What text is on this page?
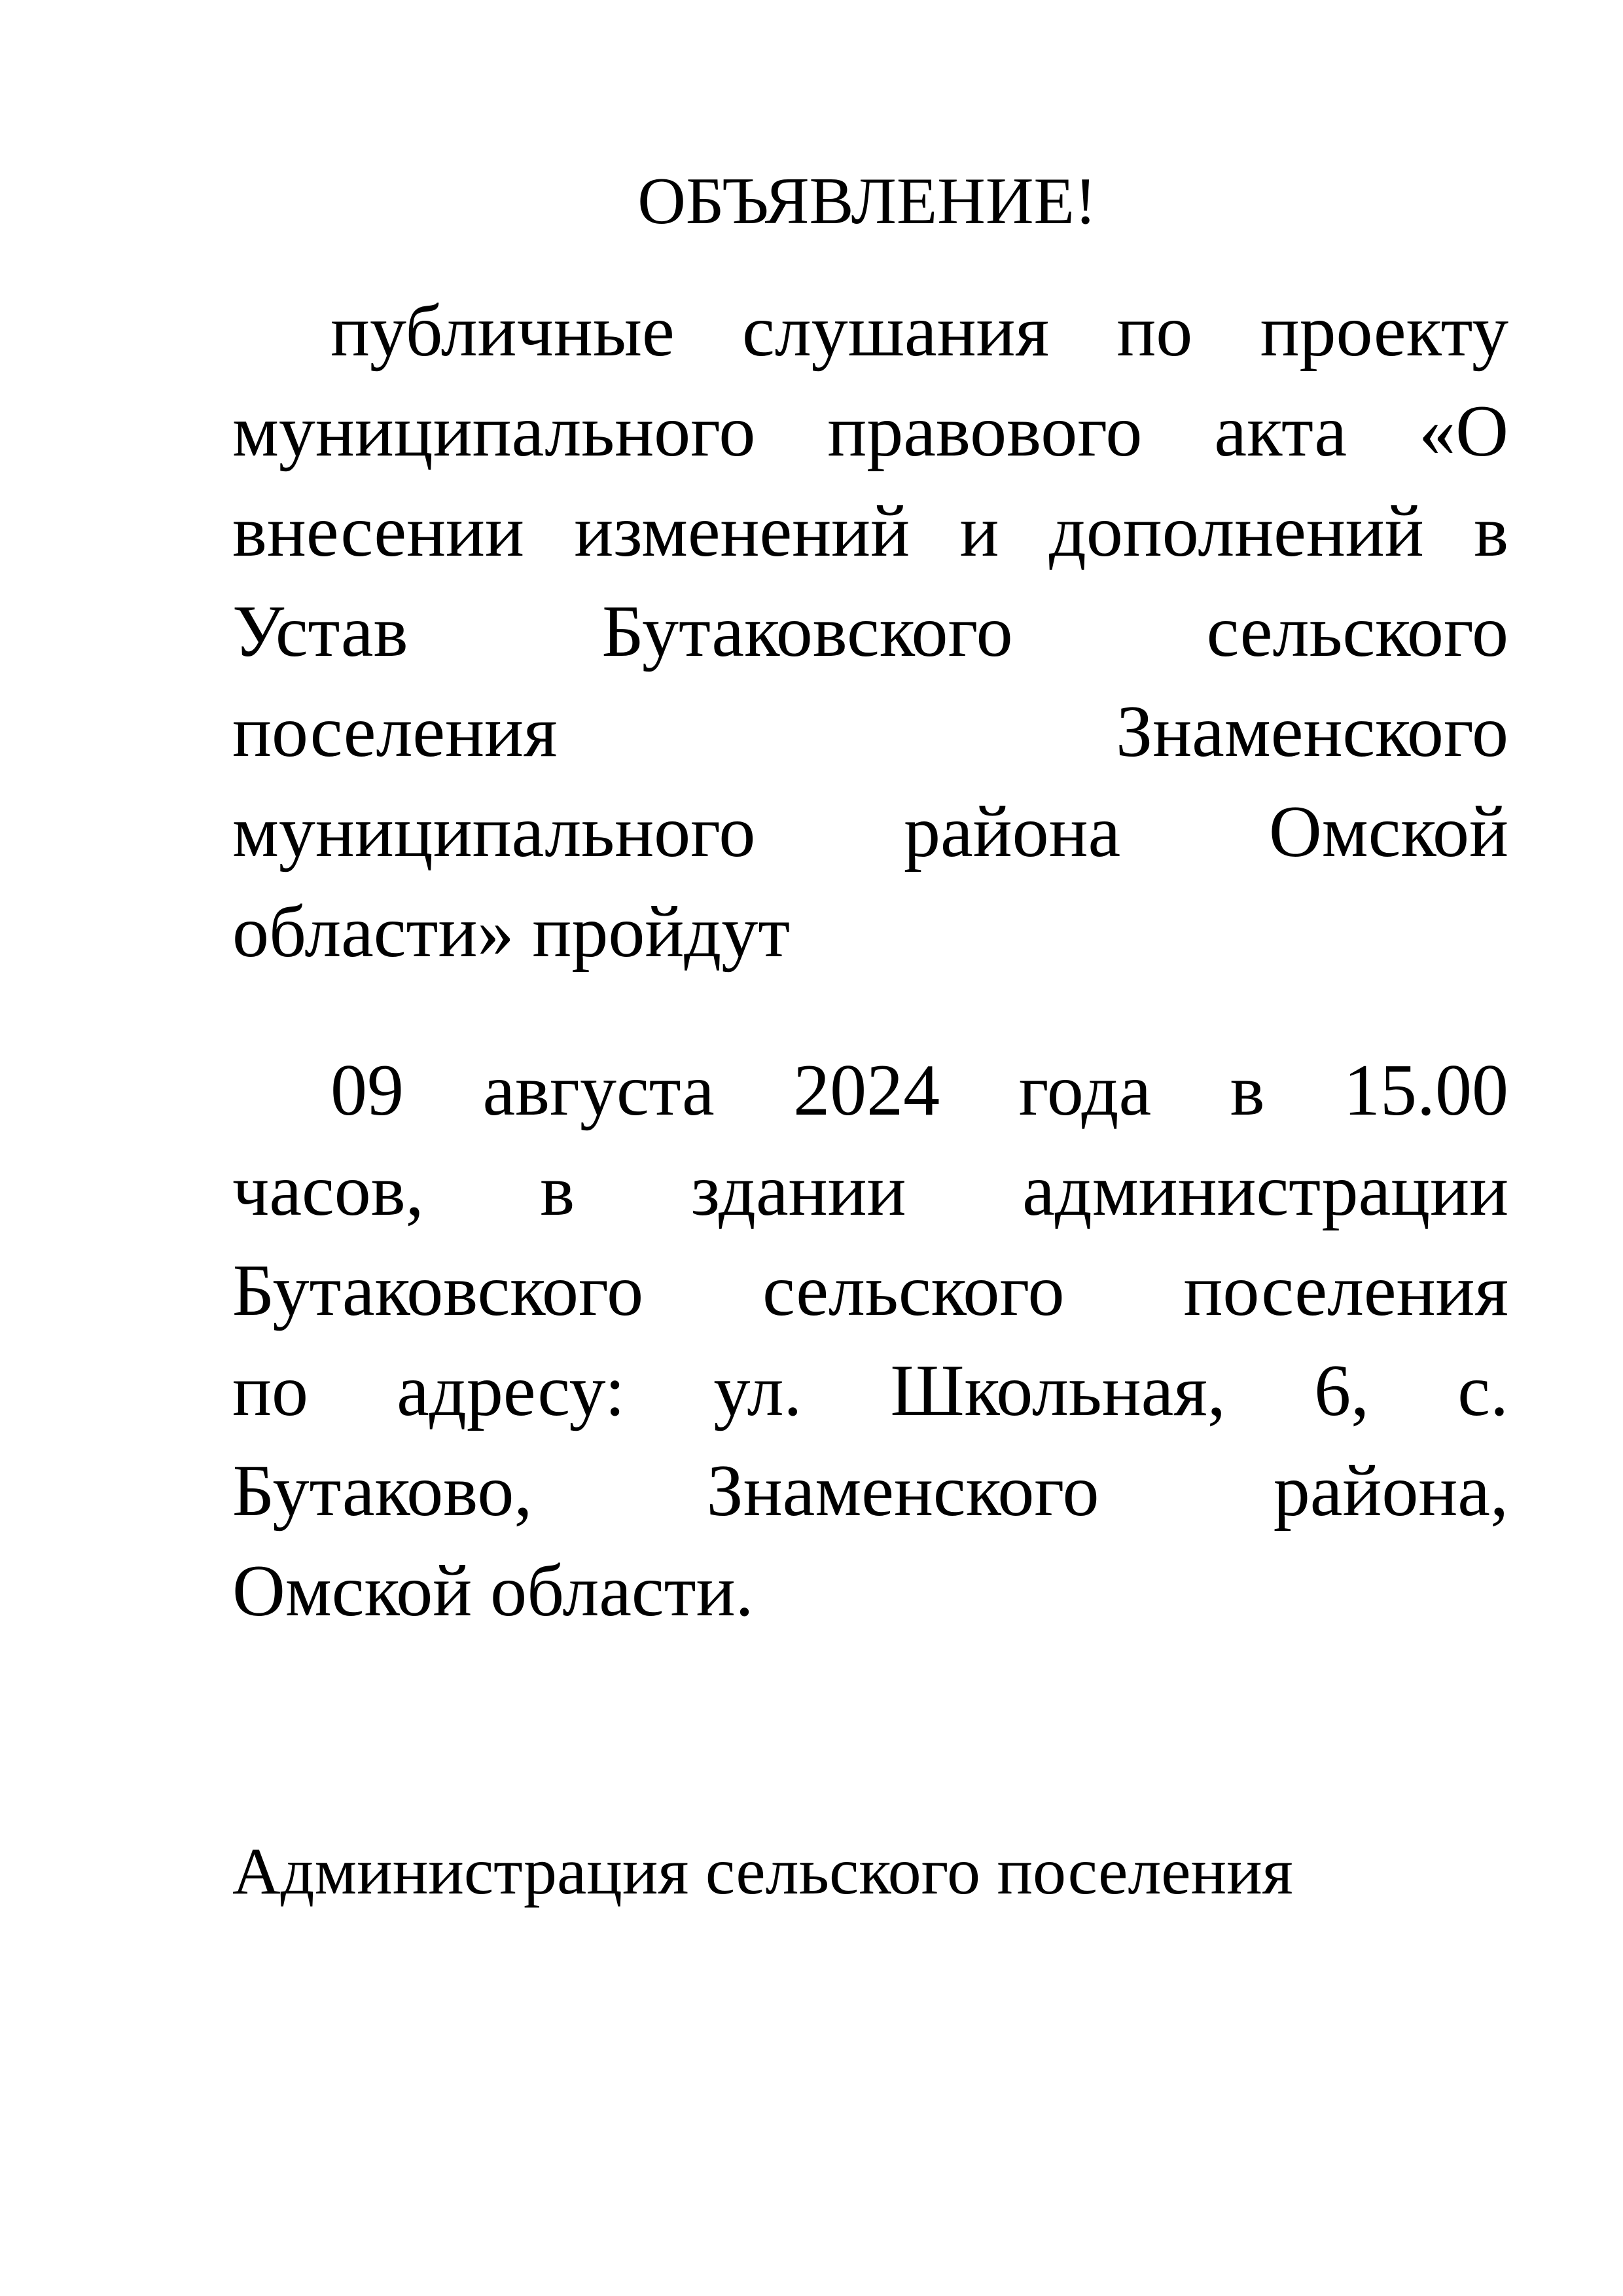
ОБЪЯВЛЕНИЕ!

публичные слушания по проекту
муниципального правового акта «О
внесении изменений и дополнений в
Устав Бутаковского сельского
поселения Знаменского
муниципального района Омской
области» пройдут

09 августа 2024 года в 15.00
часов, в здании администрации
Бутаковского сельского поселения
по адресу: ул. Школьная, 6, с.
Бутаково, Знаменского района,
Омской области.

Администрация сельского поселения
